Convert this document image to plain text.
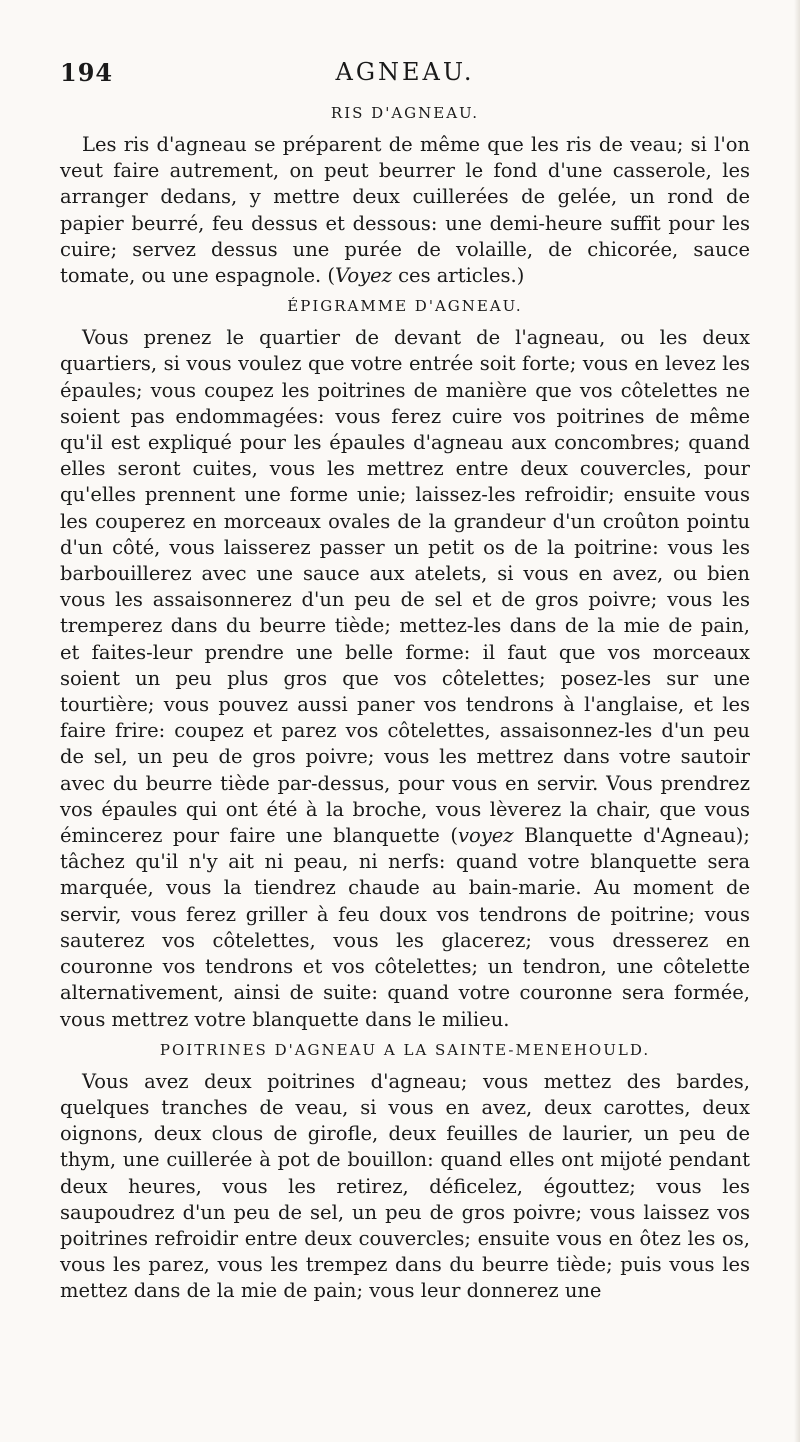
194	AGNEAU.
RIS D'AGNEAU.

Les ris d'agneau se préparent de même que les ris de veau; si l'on veut faire autrement, on peut beurrer le fond d'une casserole, les arranger dedans, y mettre deux cuillerées de gelée, un rond de papier beurré, feu dessus et dessous: une demi-heure suffit pour les cuire; servez dessus une purée de volaille, de chicorée, sauce tomate, ou une espagnole. (Voyez ces articles.)

ÉPIGRAMME D'AGNEAU.

Vous prenez le quartier de devant de l'agneau, ou les deux quartiers, si vous voulez que votre entrée soit forte; vous en levez les épaules; vous coupez les poitrines de manière que vos côtelettes ne soient pas endommagées: vous ferez cuire vos poitrines de même qu'il est expliqué pour les épaules d'agneau aux concombres; quand elles seront cuites, vous les mettrez entre deux couvercles, pour qu'elles prennent une forme unie; laissez-les refroidir; ensuite vous les couperez en morceaux ovales de la grandeur d'un croûton pointu d'un côté, vous laisserez passer un petit os de la poitrine: vous les barbouillerez avec une sauce aux atelets, si vous en avez, ou bien vous les assaisonnerez d'un peu de sel et de gros poivre; vous les tremperez dans du beurre tiède; mettez-les dans de la mie de pain, et faites-leur prendre une belle forme: il faut que vos morceaux soient un peu plus gros que vos côtelettes; posez-les sur une tourtière; vous pouvez aussi paner vos tendrons à l'anglaise, et les faire frire: coupez et parez vos côtelettes, assaisonnez-les d'un peu de sel, un peu de gros poivre; vous les mettrez dans votre sautoir avec du beurre tiède par-dessus, pour vous en servir. Vous prendrez vos épaules qui ont été à la broche, vous lèverez la chair, que vous émincerez pour faire une blanquette (voyez Blanquette d'Agneau); tâchez qu'il n'y ait ni peau, ni nerfs: quand votre blanquette sera marquée, vous la tiendrez chaude au bain-marie. Au moment de servir, vous ferez griller à feu doux vos tendrons de poitrine; vous sauterez vos côtelettes, vous les glacerez; vous dresserez en couronne vos tendrons et vos côtelettes; un tendron, une côtelette alternativement, ainsi de suite: quand votre couronne sera formée, vous mettrez votre blanquette dans le milieu.

POITRINES D'AGNEAU A LA SAINTE-MENEHOULD.

Vous avez deux poitrines d'agneau; vous mettez des bardes, quelques tranches de veau, si vous en avez, deux carottes, deux oignons, deux clous de girofle, deux feuilles de laurier, un peu de thym, une cuillerée à pot de bouillon: quand elles ont mijoté pendant deux heures, vous les retirez, déficelez, égouttez; vous les saupoudrez d'un peu de sel, un peu de gros poivre; vous laissez vos poitrines refroidir entre deux couvercles; ensuite vous en ôtez les os, vous les parez, vous les trempez dans du beurre tiède; puis vous les mettez dans de la mie de pain; vous leur donnerez une
